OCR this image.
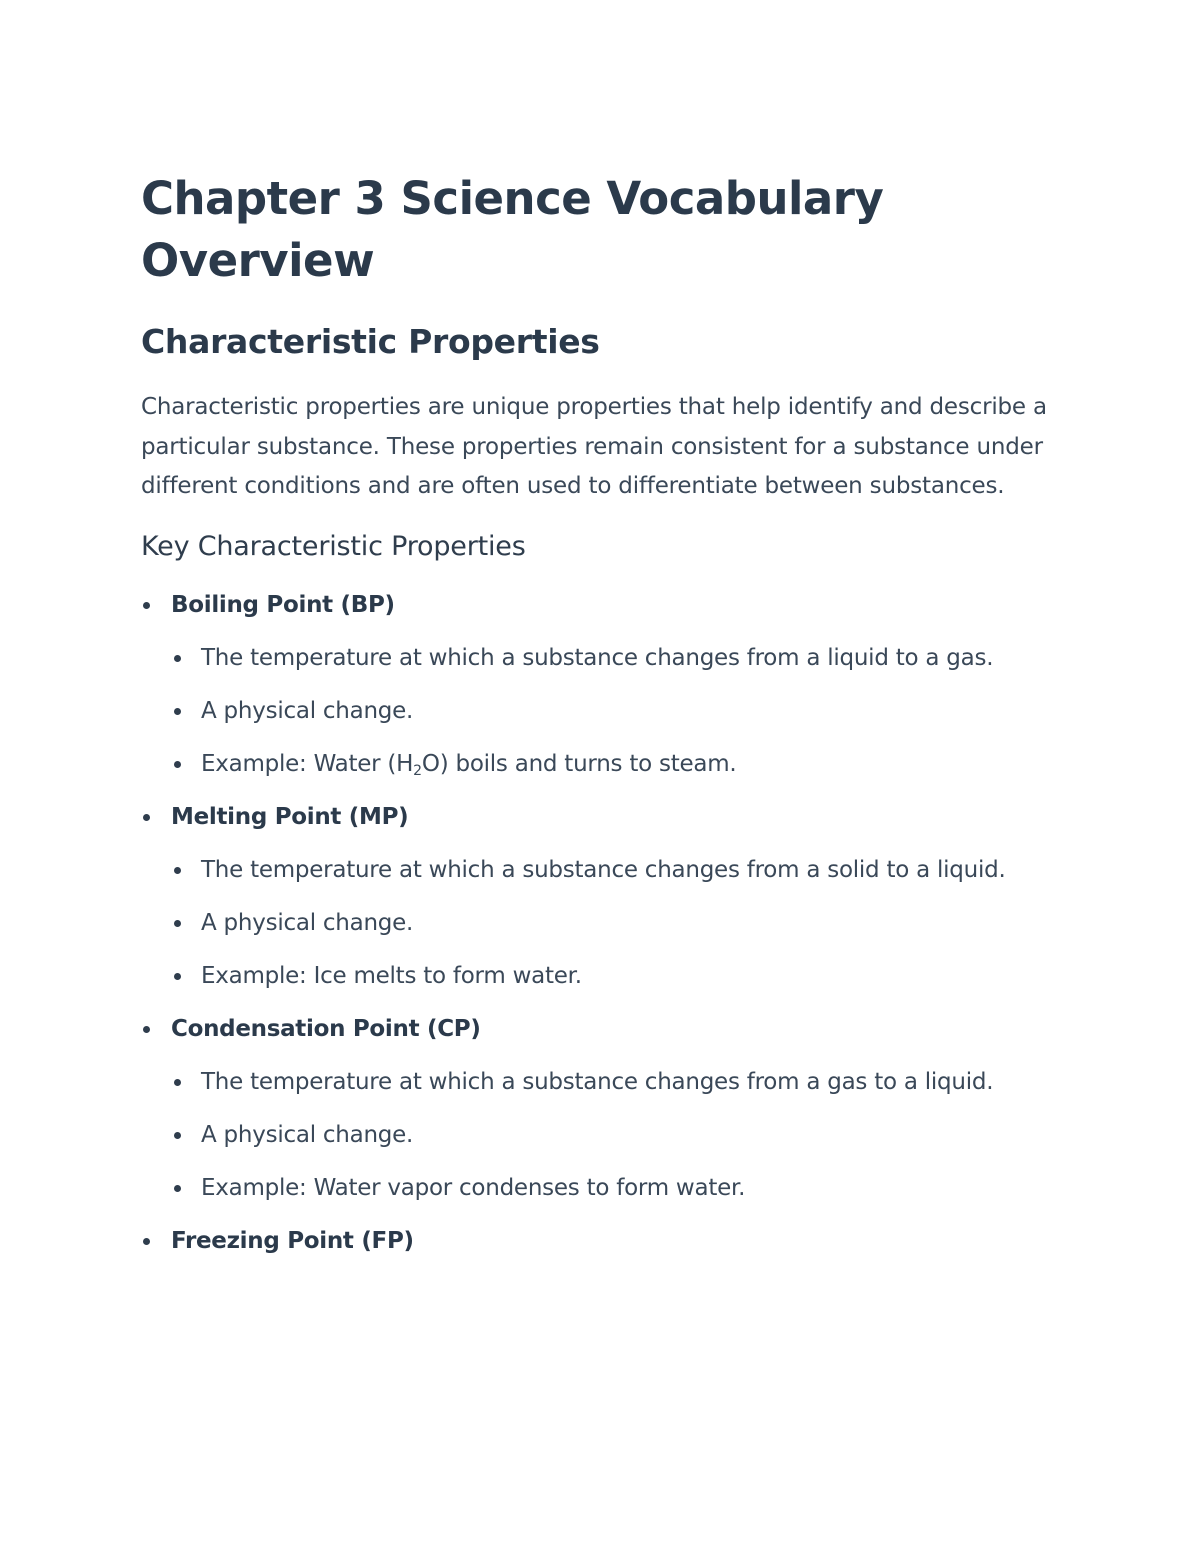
Chapter 3 Science Vocabulary Overview
Characteristic Properties

Characteristic properties are unique properties that help identify and describe a particular substance. These properties remain consistent for a substance under different conditions and are often used to differentiate between substances.

Key Characteristic Properties
Boiling Point (BP)
The temperature at which a substance changes from a liquid to a gas.
A physical change.
Example: Water $(H_2O)$ boils and turns to steam.
Melting Point (MP)
The temperature at which a substance changes from a solid to a liquid.
A physical change.
Example: Ice melts to form water.
Condensation Point (CP)
The temperature at which a substance changes from a gas to a liquid.
A physical change.
Example: Water vapor condenses to form water.
Freezing Point (FP)
